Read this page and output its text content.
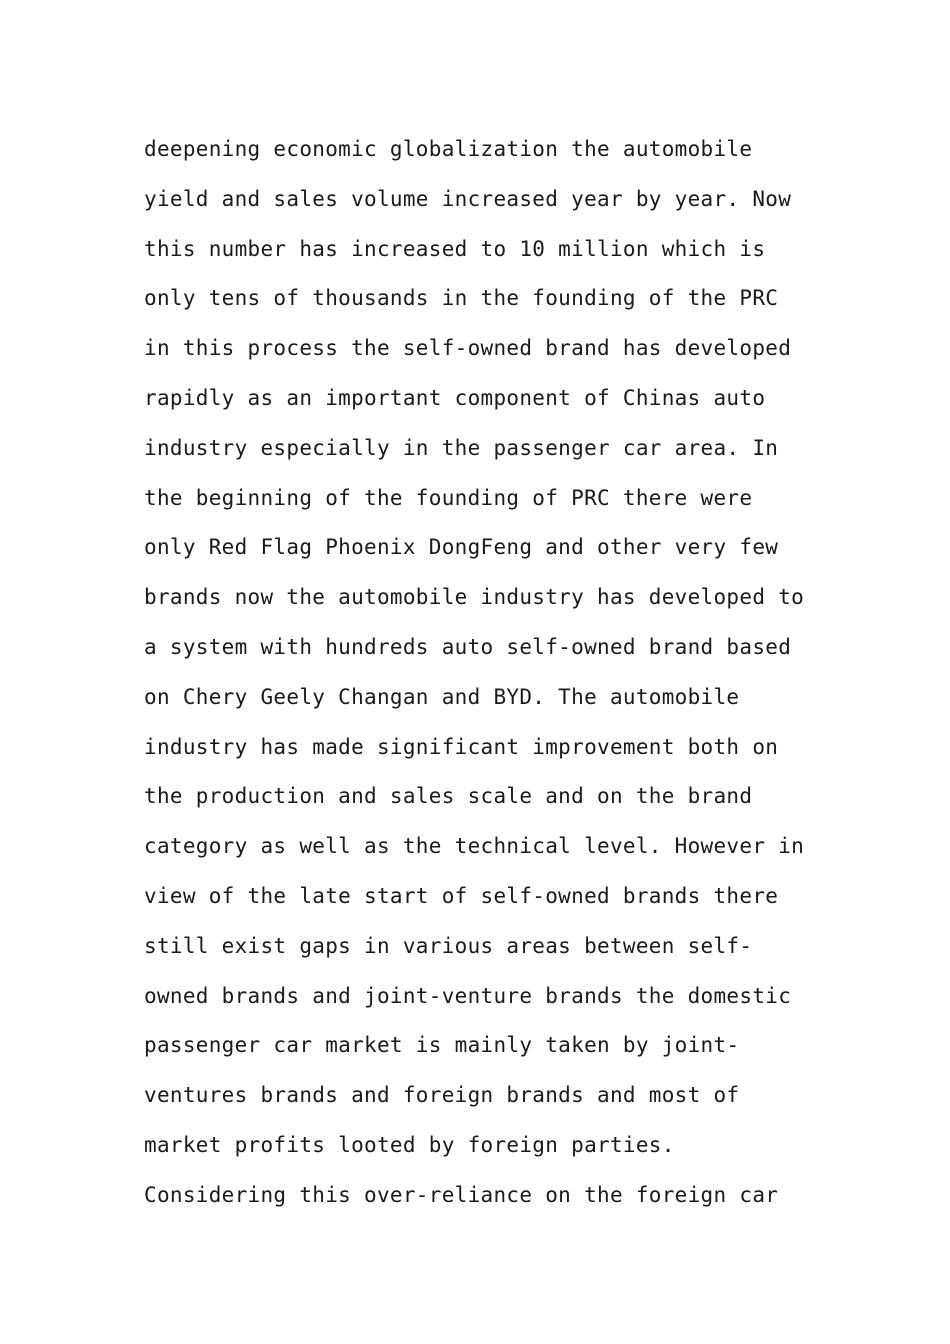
deepening economic globalization the automobile
yield and sales volume increased year by year. Now
this number has increased to 10 million which is
only tens of thousands in the founding of the PRC
in this process the self-owned brand has developed
rapidly as an important component of Chinas auto
industry especially in the passenger car area. In
the beginning of the founding of PRC there were
only Red Flag Phoenix DongFeng and other very few
brands now the automobile industry has developed to
a system with hundreds auto self-owned brand based
on Chery Geely Changan and BYD. The automobile
industry has made significant improvement both on
the production and sales scale and on the brand
category as well as the technical level. However in
view of the late start of self-owned brands there
still exist gaps in various areas between self-
owned brands and joint-venture brands the domestic
passenger car market is mainly taken by joint-
ventures brands and foreign brands and most of
market profits looted by foreign parties.
Considering this over-reliance on the foreign car
